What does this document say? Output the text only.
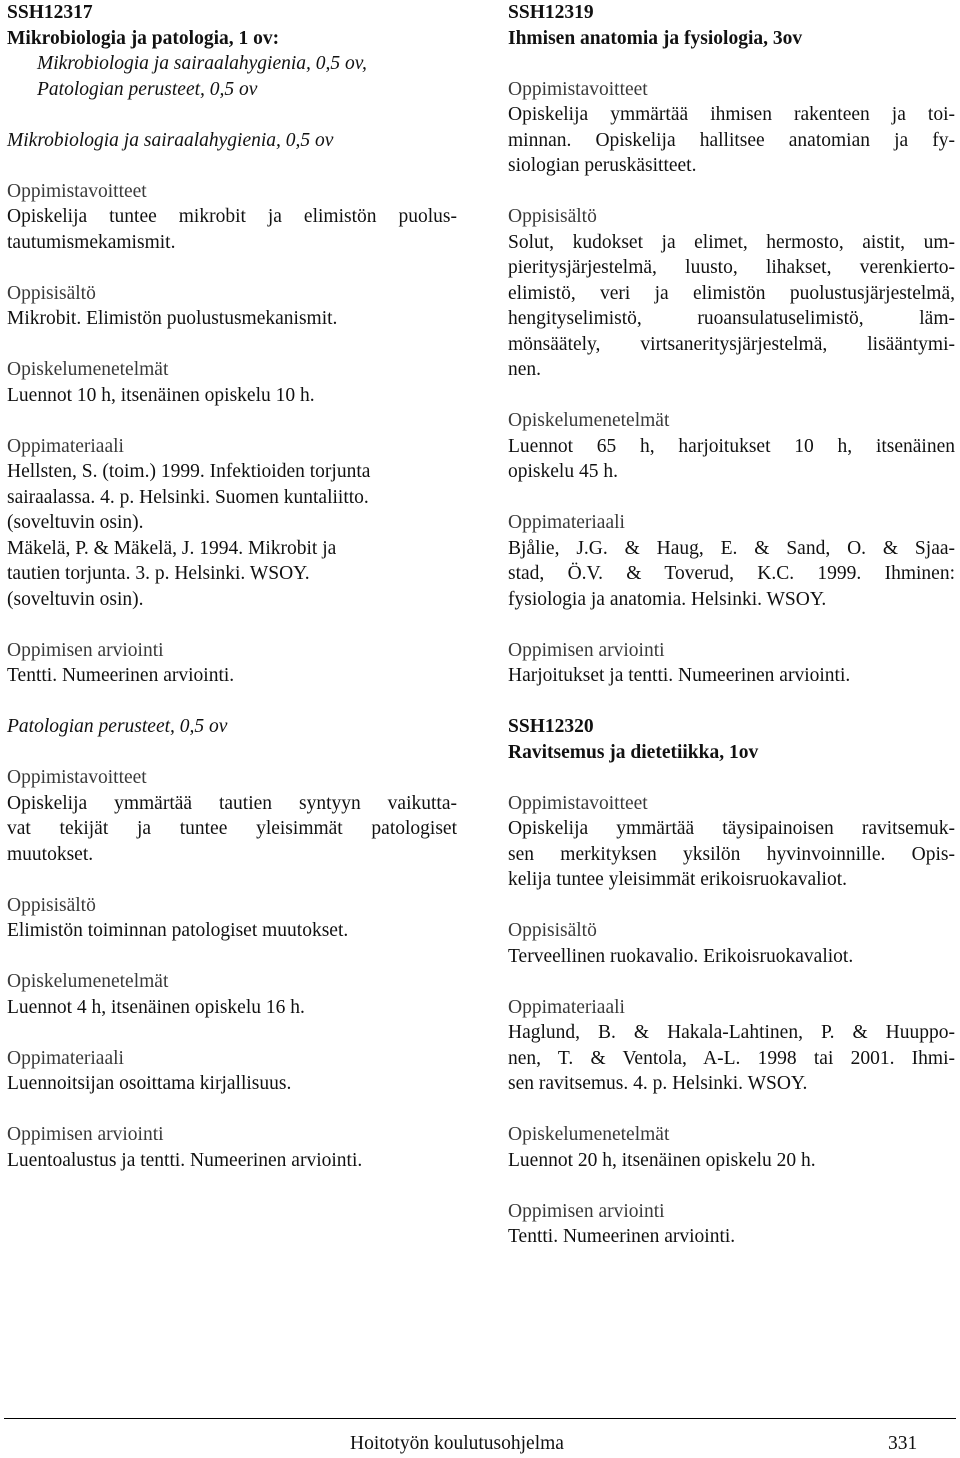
SSH12317

Mikrobiologia ja patologia, 1 ov:

Mikrobiologia ja sairaalahygienia, 0,5 ov,

Patologian perusteet, 0,5 ov

Mikrobiologia ja sairaalahygienia, 0,5 ov

Oppimistavoitteet

Opiskelija tuntee mikrobit ja elimistön puolus-
tautumismekamismit.

Oppisisältö

Mikrobit. Elimistön puolustusmekanismit.

Opiskelumenetelmät

Luennot 10 h, itsenäinen opiskelu 10 h.

Oppimateriaali

Hellsten, S. (toim.) 1999. Infektioiden torjunta
sairaalassa. 4. p. Helsinki. Suomen kuntaliitto.
(soveltuvin osin).
Mäkelä, P. & Mäkelä, J. 1994. Mikrobit ja
tautien torjunta. 3. p. Helsinki. WSOY.
(soveltuvin osin).

Oppimisen arviointi

Tentti. Numeerinen arviointi.

Patologian perusteet, 0,5 ov

Oppimistavoitteet

Opiskelija ymmärtää tautien syntyyn vaikutta-
vat tekijät ja tuntee yleisimmät patologiset
muutokset.

Oppisisältö

Elimistön toiminnan patologiset muutokset.

Opiskelumenetelmät

Luennot 4 h, itsenäinen opiskelu 16 h.

Oppimateriaali

Luennoitsijan osoittama kirjallisuus.

Oppimisen arviointi

Luentoalustus ja tentti. Numeerinen arviointi.

SSH12319

Ihmisen anatomia ja fysiologia, 3ov

Oppimistavoitteet

Opiskelija ymmärtää ihmisen rakenteen ja toi-
minnan. Opiskelija hallitsee anatomian ja fy-
siologian peruskäsitteet.

Oppisisältö

Solut, kudokset ja elimet, hermosto, aistit, um-
pieritysjärjestelmä, luusto, lihakset, verenkierto-
elimistö, veri ja elimistön puolustusjärjestelmä,
hengityselimistö, ruoansulatuselimistö, läm-
mönsäätely, virtsaneritysjärjestelmä, lisääntymi-
nen.

Opiskelumenetelmät

Luennot 65 h, harjoitukset 10 h, itsenäinen
opiskelu 45 h.

Oppimateriaali

Bjålie, J.G. & Haug, E. & Sand, O. & Sjaa-
stad, Ö.V. & Toverud, K.C. 1999. Ihminen:
fysiologia ja anatomia. Helsinki. WSOY.

Oppimisen arviointi

Harjoitukset ja tentti. Numeerinen arviointi.

SSH12320

Ravitsemus ja dietetiikka, 1ov

Oppimistavoitteet

Opiskelija ymmärtää täysipainoisen ravitsemuk-
sen merkityksen yksilön hyvinvoinnille. Opis-
kelija tuntee yleisimmät erikoisruokavaliot.

Oppisisältö

Terveellinen ruokavalio. Erikoisruokavaliot.

Oppimateriaali

Haglund, B. & Hakala-Lahtinen, P. & Huuppo-
nen, T. & Ventola, A-L. 1998 tai 2001. Ihmi-
sen ravitsemus. 4. p. Helsinki. WSOY.

Opiskelumenetelmät

Luennot 20 h, itsenäinen opiskelu 20 h.

Oppimisen arviointi

Tentti. Numeerinen arviointi.

Hoitotyön koulutusohjelma	331
